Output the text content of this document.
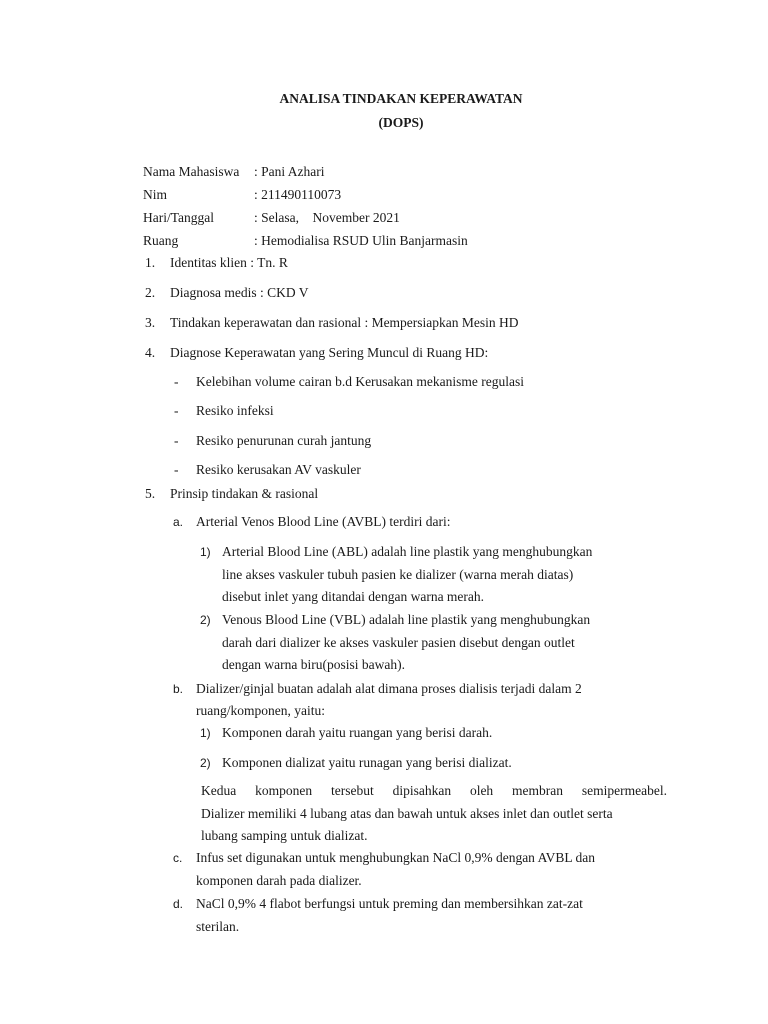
ANALISA TINDAKAN KEPERAWATAN
(DOPS)
Nama Mahasiswa : Pani Azhari
Nim	: 211490110073
Hari/Tanggal	: Selasa,    November 2021
Ruang	: Hemodialisa RSUD Ulin Banjarmasin
1. Identitas klien : Tn. R
2. Diagnosa medis : CKD V
3. Tindakan keperawatan dan rasional : Mempersiapkan Mesin HD
4. Diagnose Keperawatan yang Sering Muncul di Ruang HD:
- Kelebihan volume cairan b.d Kerusakan mekanisme regulasi
- Resiko infeksi
- Resiko penurunan curah jantung
- Resiko kerusakan AV vaskuler
5. Prinsip tindakan & rasional
a. Arterial Venos Blood Line (AVBL) terdiri dari:
1) Arterial Blood Line (ABL) adalah line plastik yang menghubungkan
line akses vaskuler tubuh pasien ke dializer (warna merah diatas)
disebut inlet yang ditandai dengan warna merah.
2) Venous Blood Line (VBL) adalah line plastik yang menghubungkan
darah dari dializer ke akses vaskuler pasien disebut dengan outlet
dengan warna biru(posisi bawah).
b. Dializer/ginjal buatan adalah alat dimana proses dialisis terjadi dalam 2
ruang/komponen, yaitu:
1) Komponen darah yaitu ruangan yang berisi darah.
2) Komponen dializat yaitu runagan yang berisi dializat.
Kedua komponen tersebut dipisahkan oleh membran semipermeabel.
Dializer memiliki 4 lubang atas dan bawah untuk akses inlet dan outlet serta
lubang samping untuk dializat.
c. Infus set digunakan untuk menghubungkan NaCl 0,9% dengan AVBL dan
komponen darah pada dializer.
d. NaCl 0,9% 4 flabot berfungsi untuk preming dan membersihkan zat-zat
sterilan.
